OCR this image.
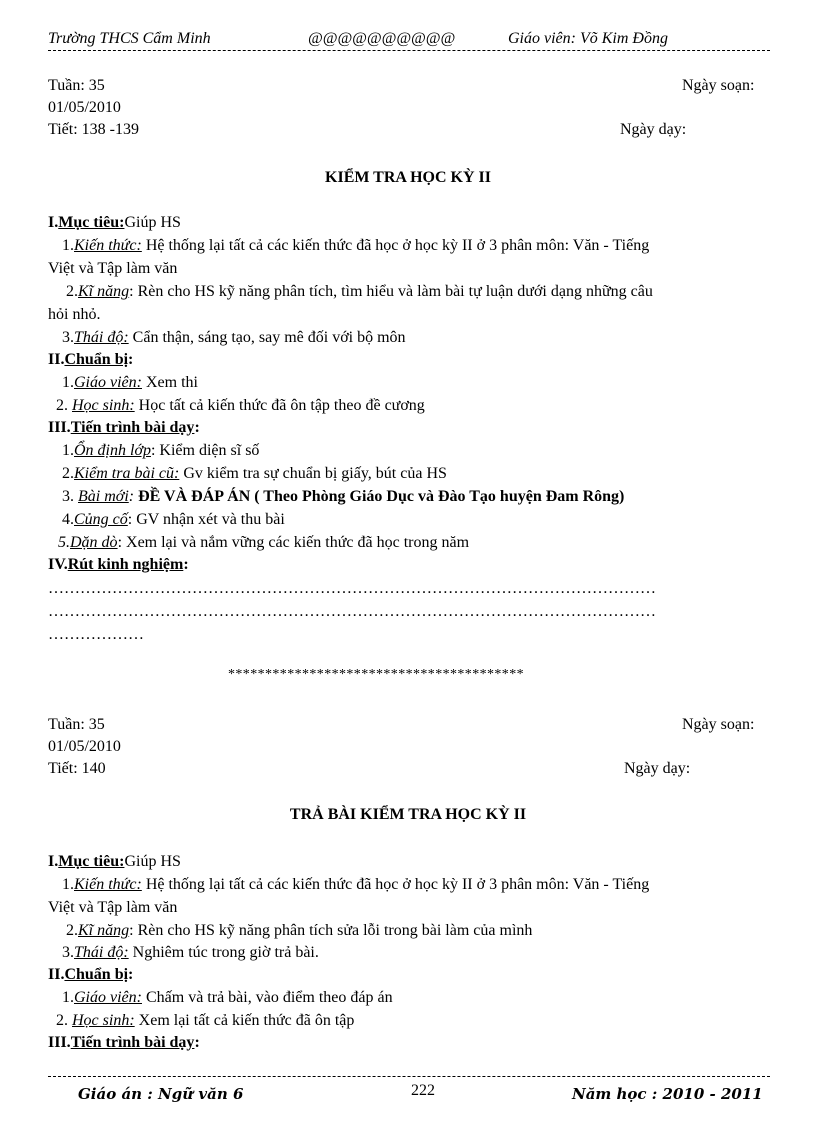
Trường THCS Cẩm Minh	@@@@@@@@@@	Giáo viên: Võ Kim Đồng
Tuần: 35	Ngày soạn:
01/05/2010
Tiết: 138 -139	Ngày dạy:
KIỂM TRA HỌC KỲ II
I.Mục tiêu:Giúp HS
1.Kiến thức: Hệ thống lại tất cả các kiến thức đã học ở học kỳ II ở 3 phân môn: Văn - Tiếng
Việt và Tập làm văn
2.Kĩ năng: Rèn cho HS kỹ năng phân tích, tìm hiểu và làm bài tự luận dưới dạng những câu
hỏi nhỏ.
3.Thái độ: Cẩn thận, sáng tạo, say mê đối với bộ môn
II.Chuẩn bị:
1.Giáo viên: Xem thi
2. Học sinh: Học tất cả kiến thức đã ôn tập theo đề cương
III.Tiến trình bài dạy:
1.Ổn định lớp: Kiểm diện sĩ số
2.Kiểm tra bài cũ: Gv kiểm tra sự chuẩn bị giấy, bút của HS
3. Bài mới: ĐỀ VÀ ĐÁP ÁN ( Theo Phòng Giáo Dục và Đào Tạo huyện Đam Rông)
4.Củng cố: GV nhận xét và thu bài
5.Dặn dò: Xem lại và nắm vững các kiến thức đã học trong năm
IV.Rút kinh nghiệm:
……………………………………………………………………………………………………
……………………………………………………………………………………………………
………………
****************************************
Tuần: 35	Ngày soạn:
01/05/2010
Tiết: 140	Ngày dạy:
TRẢ BÀI KIỂM TRA HỌC KỲ II
I.Mục tiêu:Giúp HS
1.Kiến thức: Hệ thống lại tất cả các kiến thức đã học ở học kỳ II ở 3 phân môn: Văn - Tiếng
Việt và Tập làm văn
2.Kĩ năng: Rèn cho HS kỹ năng phân tích sửa lỗi trong bài làm của mình
3.Thái độ: Nghiêm túc trong giờ trả bài.
II.Chuẩn bị:
1.Giáo viên: Chấm và trả bài, vào điểm theo đáp án
2. Học sinh: Xem lại tất cả kiến thức đã ôn tập
III.Tiến trình bài dạy:
Giáo án : Ngữ văn 6	222	Năm học : 2010 - 2011
